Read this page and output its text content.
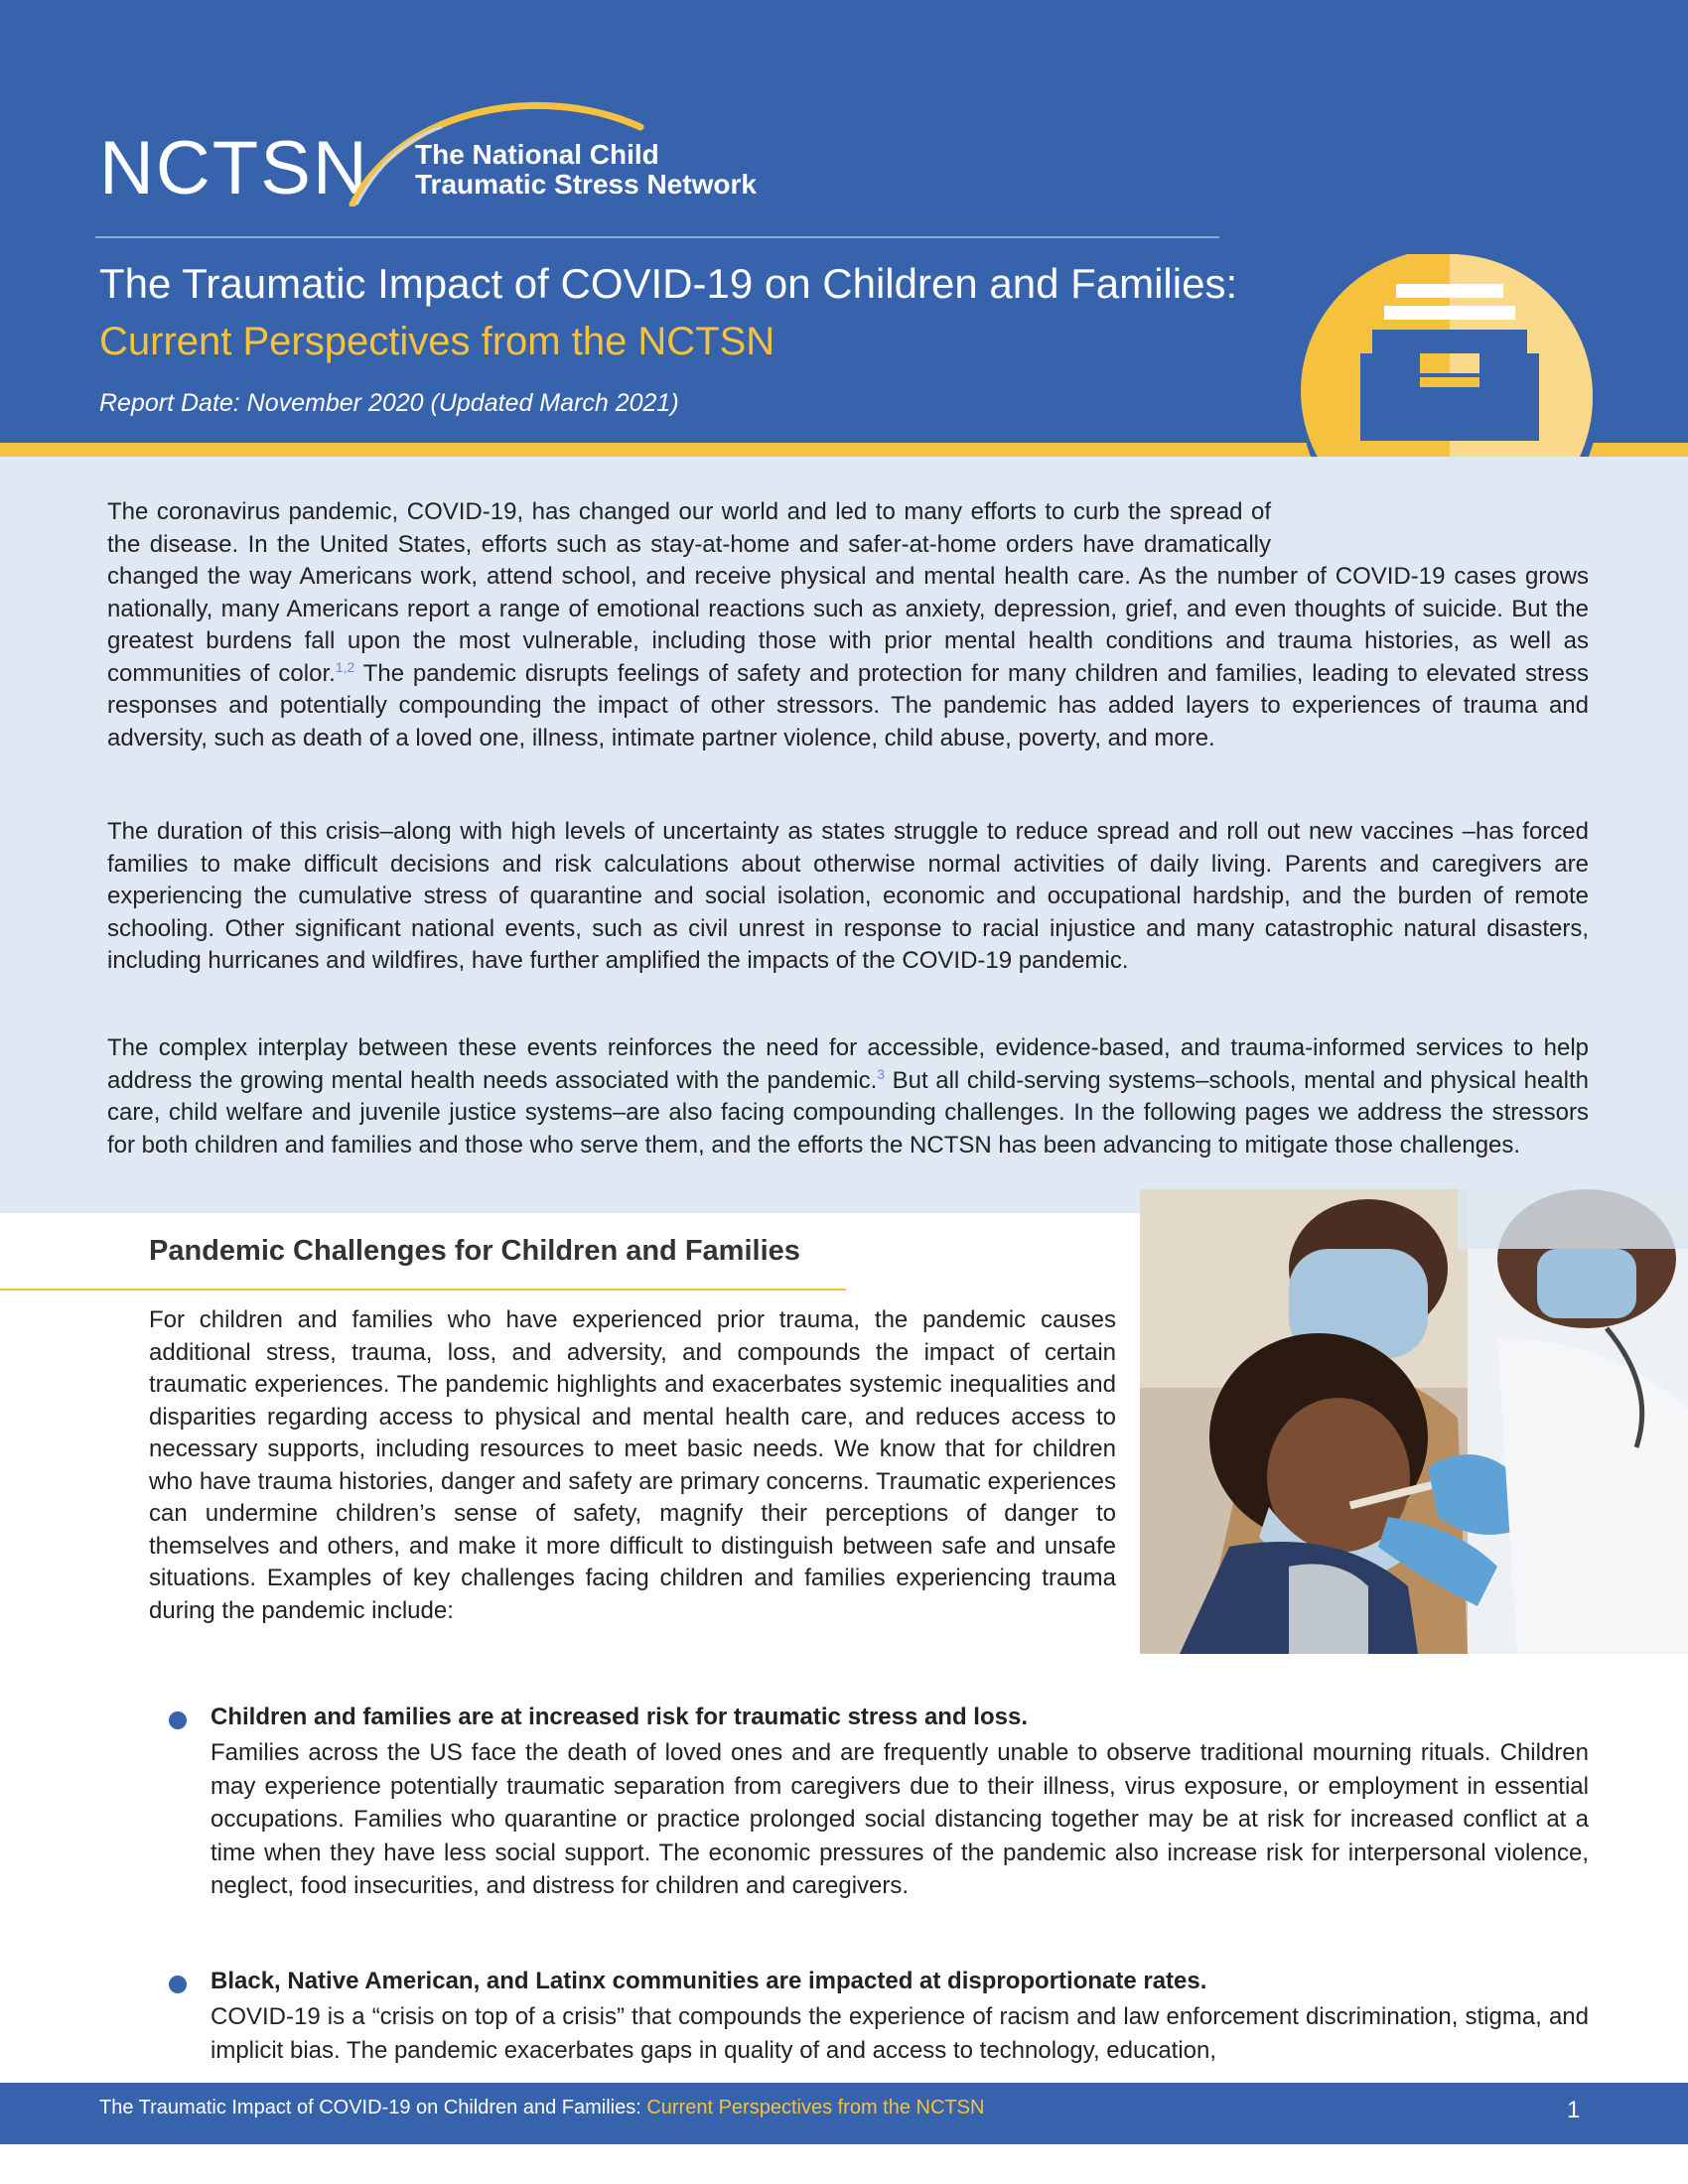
NCTSN The National Child
Traumatic Stress Network
The Traumatic Impact of COVID-19 on Children and Families:
Current Perspectives from the NCTSN
Report Date: November 2020 (Updated March 2021)

The coronavirus pandemic, COVID-19, has changed our world and led to many efforts to curb the spread of the disease. In the United States, efforts such as stay-at-home and safer-at-home orders have dramatically changed the way Americans work, attend school, and receive physical and mental health care. As the number of COVID-19 cases grows nationally, many Americans report a range of emotional reactions such as anxiety, depression, grief, and even thoughts of suicide. But the greatest burdens fall upon the most vulnerable, including those with prior mental health conditions and trauma histories, as well as communities of color.$^{1,2}$ The pandemic disrupts feelings of safety and protection for many children and families, leading to elevated stress responses and potentially compounding the impact of other stressors. The pandemic has added layers to experiences of trauma and adversity, such as death of a loved one, illness, intimate partner violence, child abuse, poverty, and more.

The duration of this crisis–along with high levels of uncertainty as states struggle to reduce spread and roll out new vaccines –has forced families to make difficult decisions and risk calculations about otherwise normal activities of daily living. Parents and caregivers are experiencing the cumulative stress of quarantine and social isolation, economic and occupational hardship, and the burden of remote schooling. Other significant national events, such as civil unrest in response to racial injustice and many catastrophic natural disasters, including hurricanes and wildfires, have further amplified the impacts of the COVID-19 pandemic.

The complex interplay between these events reinforces the need for accessible, evidence-based, and trauma-informed services to help address the growing mental health needs associated with the pandemic.$^3$ But all child-serving systems–schools, mental and physical health care, child welfare and juvenile justice systems–are also facing compounding challenges. In the following pages we address the stressors for both children and families and those who serve them, and the efforts the NCTSN has been advancing to mitigate those challenges.

Pandemic Challenges for Children and Families

For children and families who have experienced prior trauma, the pandemic causes additional stress, trauma, loss, and adversity, and compounds the impact of certain traumatic experiences. The pandemic highlights and exacerbates systemic inequalities and disparities regarding access to physical and mental health care, and reduces access to necessary supports, including resources to meet basic needs. We know that for children who have trauma histories, danger and safety are primary concerns. Traumatic experiences can undermine children’s sense of safety, magnify their perceptions of danger to themselves and others, and make it more difficult to distinguish between safe and unsafe situations. Examples of key challenges facing children and families experiencing trauma during the pandemic include:

Children and families are at increased risk for traumatic stress and loss.

Families across the US face the death of loved ones and are frequently unable to observe traditional mourning rituals. Children may experience potentially traumatic separation from caregivers due to their illness, virus exposure, or employment in essential occupations. Families who quarantine or practice prolonged social distancing together may be at risk for increased conflict at a time when they have less social support. The economic pressures of the pandemic also increase risk for interpersonal violence, neglect, food insecurities, and distress for children and caregivers.

Black, Native American, and Latinx communities are impacted at disproportionate rates.

COVID-19 is a “crisis on top of a crisis” that compounds the experience of racism and law enforcement discrimination, stigma, and implicit bias. The pandemic exacerbates gaps in quality of and access to technology, education,

The Traumatic Impact of COVID-19 on Children and Families: Current Perspectives from the NCTSN	1
